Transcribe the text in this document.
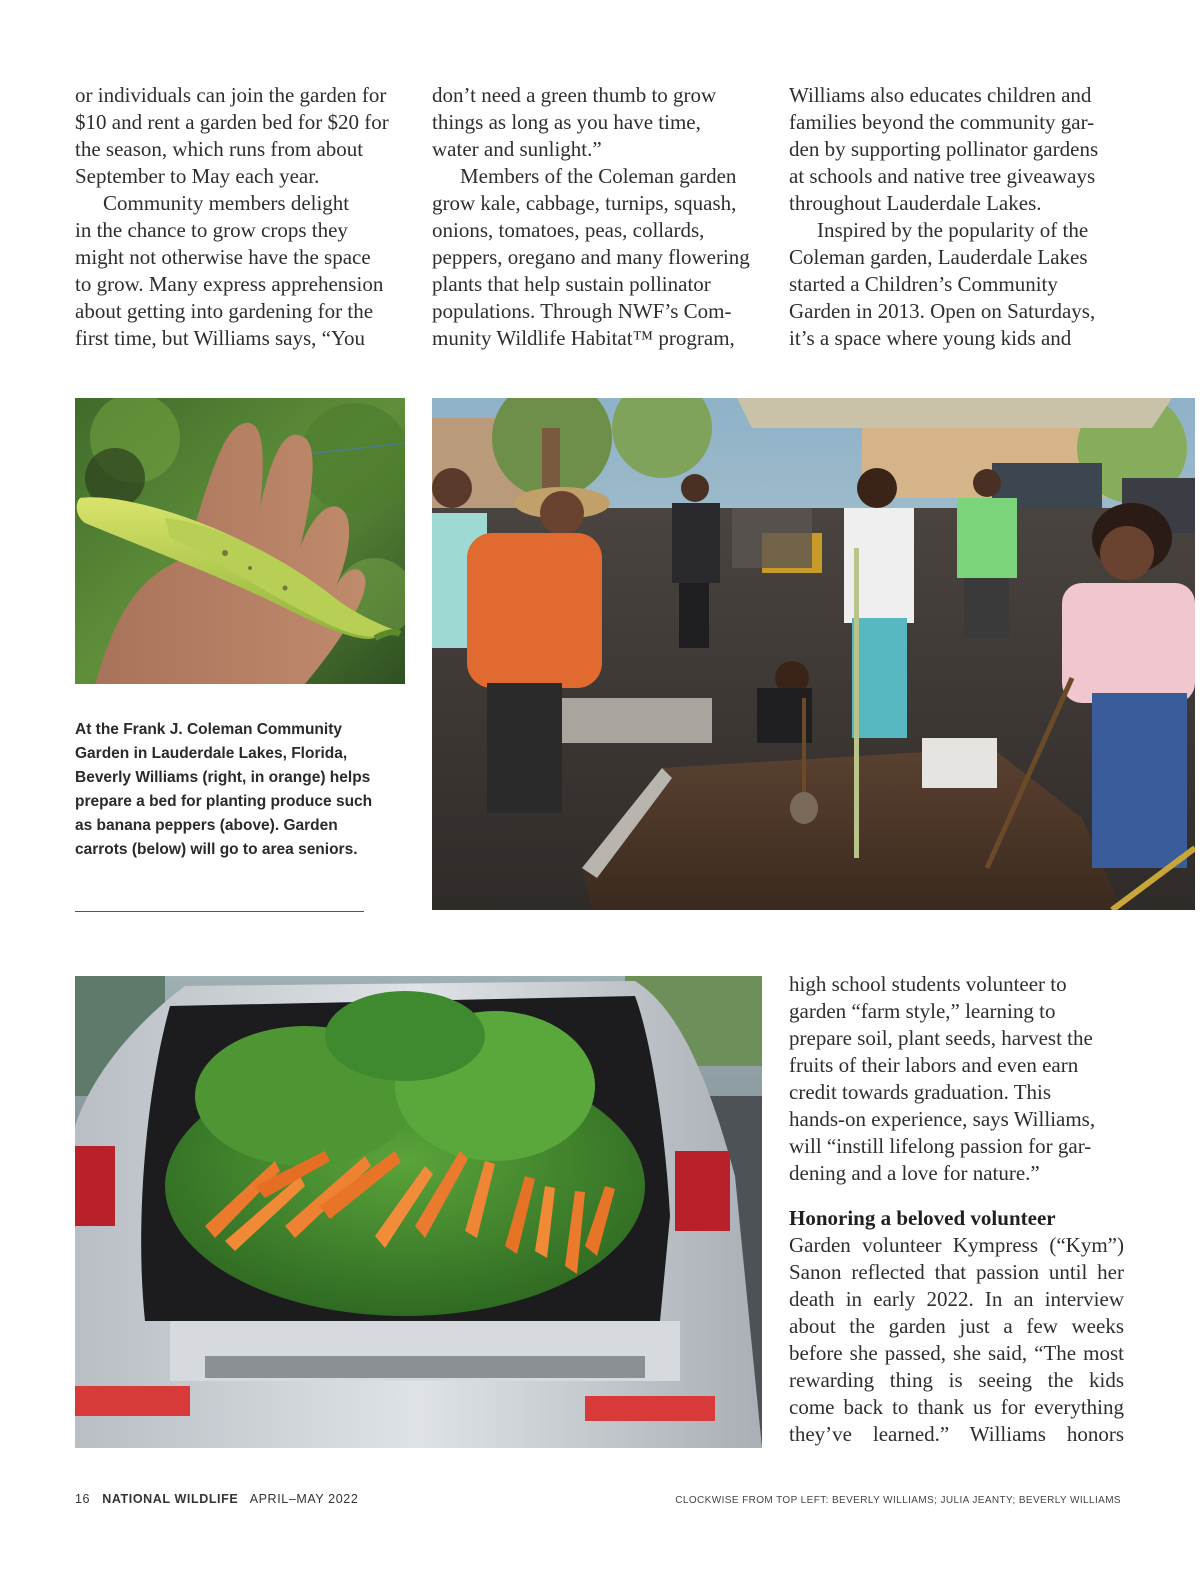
or individuals can join the garden for
$10 and rent a garden bed for $20 for
the season, which runs from about
September to May each year.

Community members delight
in the chance to grow crops they
might not otherwise have the space
to grow. Many express apprehension
about getting into gardening for the
first time, but Williams says, “You

don’t need a green thumb to grow
things as long as you have time,
water and sunlight.”

Members of the Coleman garden
grow kale, cabbage, turnips, squash,
onions, tomatoes, peas, collards,
peppers, oregano and many flowering
plants that help sustain pollinator
populations. Through NWF’s Com-
munity Wildlife Habitat™ program,

Williams also educates children and
families beyond the community gar-
den by supporting pollinator gardens
at schools and native tree giveaways
throughout Lauderdale Lakes.

Inspired by the popularity of the
Coleman garden, Lauderdale Lakes
started a Children’s Community
Garden in 2013. Open on Saturdays,
it’s a space where young kids and

At the Frank J. Coleman Community Garden in Lauderdale Lakes, Florida, Beverly Williams (right, in orange) helps prepare a bed for planting produce such as banana peppers (above). Garden carrots (below) will go to area seniors.

high school students volunteer to
garden “farm style,” learning to
prepare soil, plant seeds, harvest the
fruits of their labors and even earn
credit towards graduation. This
hands-on experience, says Williams,
will “instill lifelong passion for gar-
dening and a love for nature.”

Honoring a beloved volunteer

Garden volunteer Kympress (“Kym”)
Sanon reflected that passion until her
death in early 2022. In an interview
about the garden just a few weeks
before she passed, she said, “The most
rewarding thing is seeing the kids
come back to thank us for everything
they’ve learned.” Williams honors

16 NATIONAL WILDLIFE APRIL–MAY 2022	CLOCKWISE FROM TOP LEFT: BEVERLY WILLIAMS; JULIA JEANTY; BEVERLY WILLIAMS
